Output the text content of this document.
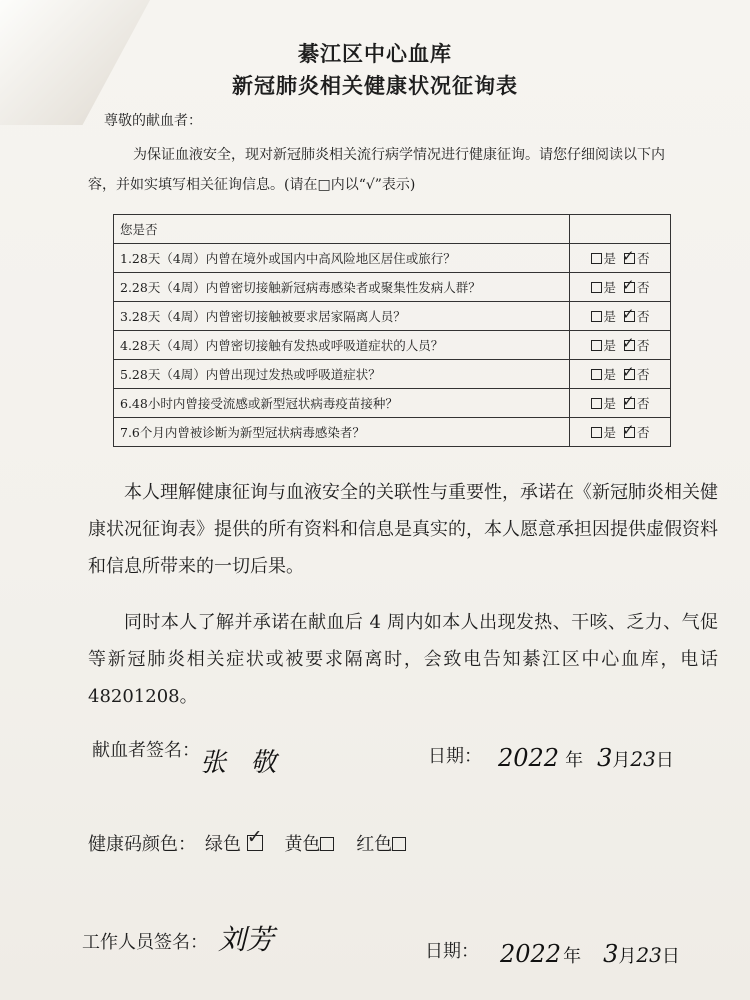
綦江区中心血库
新冠肺炎相关健康状况征询表
尊敬的献血者：
为保证血液安全，现对新冠肺炎相关流行病学情况进行健康征询。请您仔细阅读以下内容，并如实填写相关征询信息。(请在□内以“√”表示)
您是否	
1.28天（4周）内曾在境外或国内中高风险地区居住或旅行？	是 ✓ 否
2.28天（4周）内曾密切接触新冠病毒感染者或聚集性发病人群？	是 ✓ 否
3.28天（4周）内曾密切接触被要求居家隔离人员？	是 ✓ 否
4.28天（4周）内曾密切接触有发热或呼吸道症状的人员？	是 ✓ 否
5.28天（4周）内曾出现过发热或呼吸道症状？	是 ✓ 否
6.48小时内曾接受流感或新型冠状病毒疫苗接种？	是 ✓ 否
7.6个月内曾被诊断为新型冠状病毒感染者？	是 ✓ 否
本人理解健康征询与血液安全的关联性与重要性，承诺在《新冠肺炎相关健康状况征询表》提供的所有资料和信息是真实的，本人愿意承担因提供虚假资料和信息所带来的一切后果。
同时本人了解并承诺在献血后 4 周内如本人出现发热、干咳、乏力、气促等新冠肺炎相关症状或被要求隔离时，会致电告知綦江区中心血库，电话48201208。
献血者签名： 张 敬	日期： 2022 年 3月23日
健康码颜色： 绿色 ✓ 黄色 红色
工作人员签名： 刘芳	日期： 2022 年 3月23日
